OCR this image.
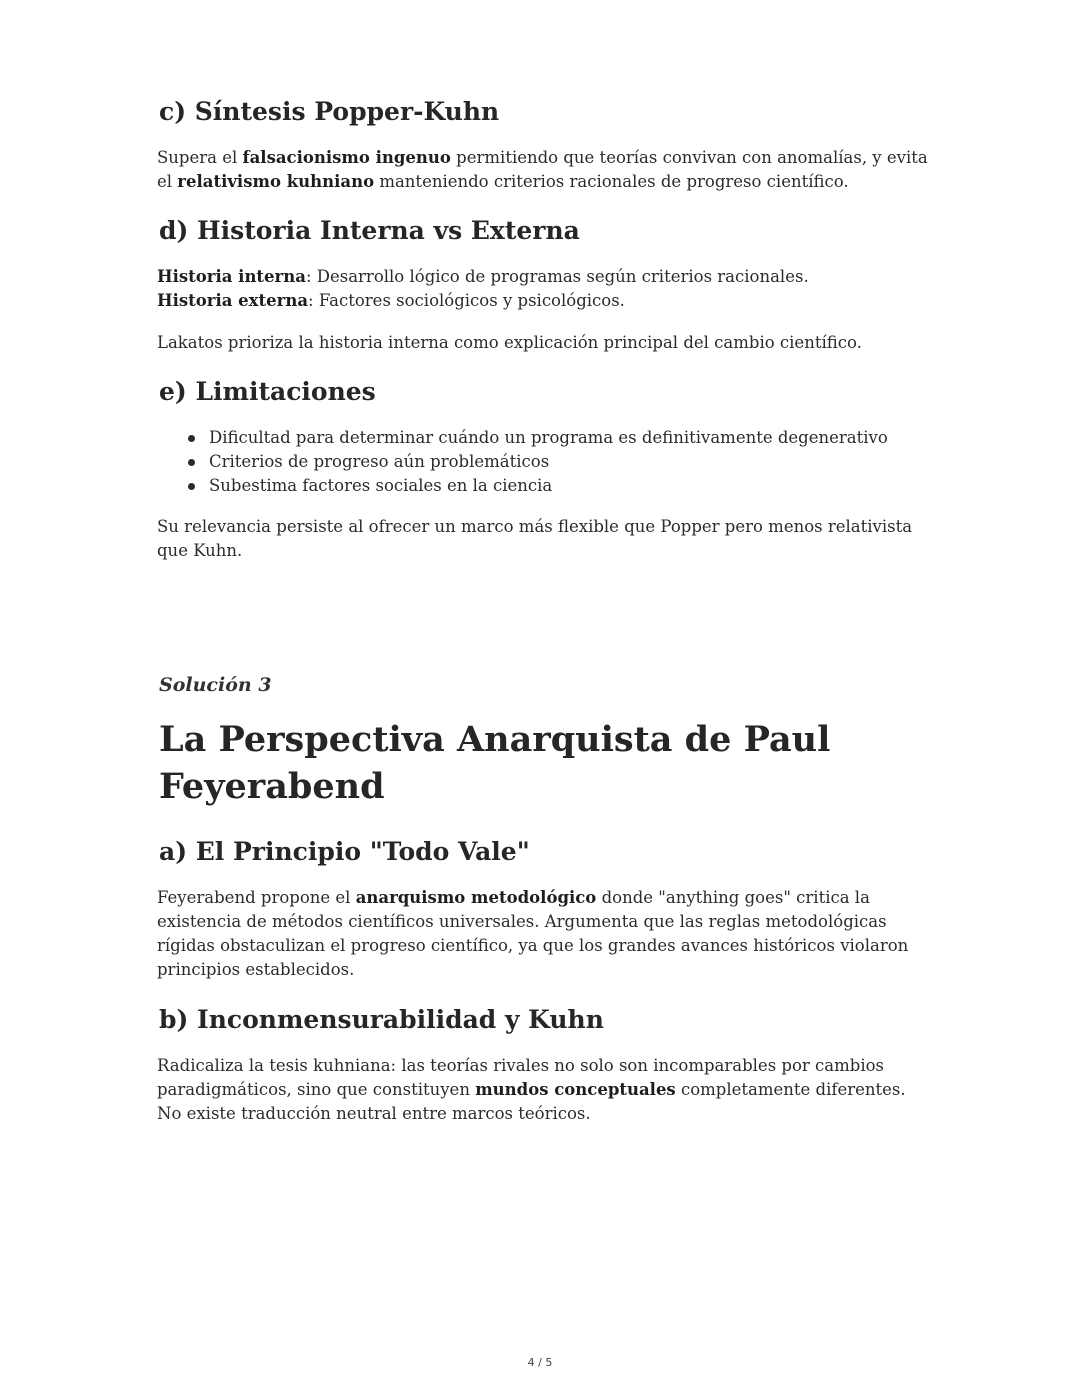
c) Síntesis Popper-Kuhn

Supera el falsacionismo ingenuo permitiendo que teorías convivan con anomalías, y evita
el relativismo kuhniano manteniendo criterios racionales de progreso científico.

d) Historia Interna vs Externa

Historia interna: Desarrollo lógico de programas según criterios racionales.
Historia externa: Factores sociológicos y psicológicos.

Lakatos prioriza la historia interna como explicación principal del cambio científico.

e) Limitaciones
Dificultad para determinar cuándo un programa es definitivamente degenerativo
Criterios de progreso aún problemáticos
Subestima factores sociales en la ciencia

Su relevancia persiste al ofrecer un marco más flexible que Popper pero menos relativista
que Kuhn.

Solución 3
La Perspectiva Anarquista de Paul
Feyerabend
a) El Principio "Todo Vale"

Feyerabend propone el anarquismo metodológico donde "anything goes" critica la
existencia de métodos científicos universales. Argumenta que las reglas metodológicas
rígidas obstaculizan el progreso científico, ya que los grandes avances históricos violaron
principios establecidos.

b) Inconmensurabilidad y Kuhn

Radicaliza la tesis kuhniana: las teorías rivales no solo son incomparables por cambios
paradigmáticos, sino que constituyen mundos conceptuales completamente diferentes.
No existe traducción neutral entre marcos teóricos.

4 / 5
